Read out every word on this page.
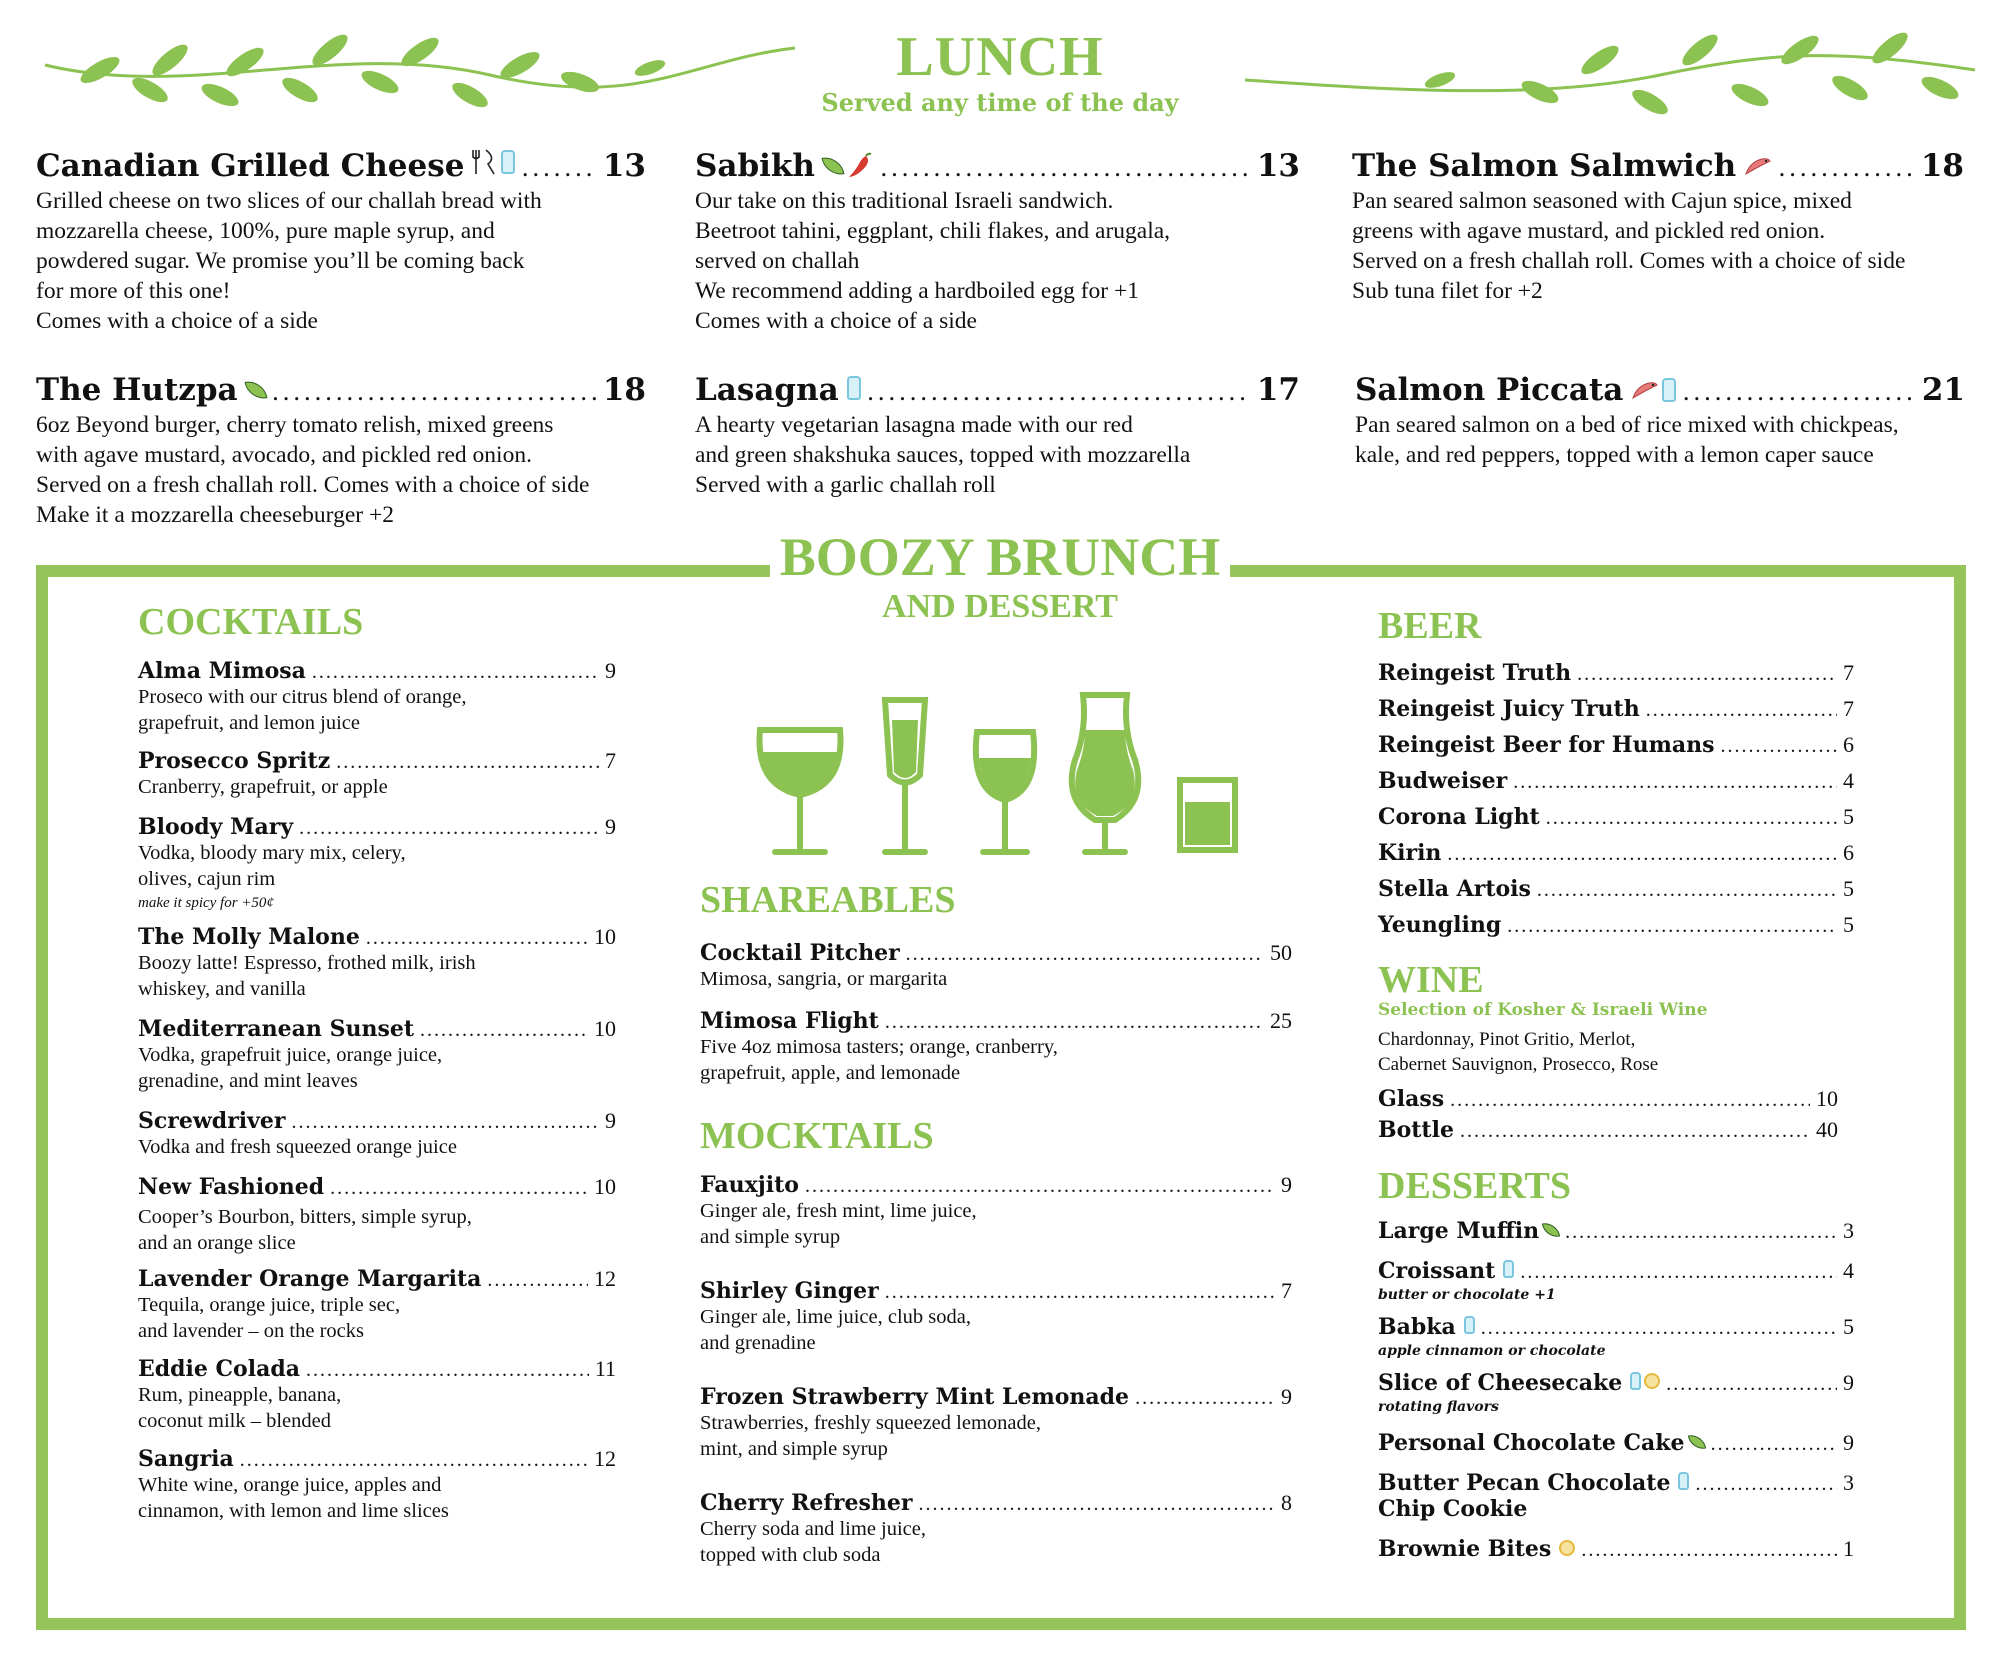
LUNCH
Served any time of the day
Canadian Grilled Cheese .....	13
Grilled cheese on two slices of our challah bread with
mozzarella cheese, 100%, pure maple syrup, and
powdered sugar. We promise you’ll be coming back
for more of this one!
Comes with a choice of a side
Sabikh .....	13
Our take on this traditional Israeli sandwich.
Beetroot tahini, eggplant, chili flakes, and arugala,
served on challah
We recommend adding a hardboiled egg for +1
Comes with a choice of a side
The Salmon Salmwich .....	18
Pan seared salmon seasoned with Cajun spice, mixed
greens with agave mustard, and pickled red onion.
Served on a fresh challah roll. Comes with a choice of side
Sub tuna filet for +2
The Hutzpa .....	18
6oz Beyond burger, cherry tomato relish, mixed greens
with agave mustard, avocado, and pickled red onion.
Served on a fresh challah roll. Comes with a choice of side
Make it a mozzarella cheeseburger +2
Lasagna .....	17
A hearty vegetarian lasagna made with our red
and green shakshuka sauces, topped with mozzarella
Served with a garlic challah roll
Salmon Piccata .....	21
Pan seared salmon on a bed of rice mixed with chickpeas,
kale, and red peppers, topped with a lemon caper sauce
BOOZY BRUNCH
AND DESSERT
COCKTAILS
Alma Mimosa .....	9
Proseco with our citrus blend of orange,
grapefruit, and lemon juice
Prosecco Spritz .....	7
Cranberry, grapefruit, or apple
Bloody Mary .....	9
Vodka, bloody mary mix, celery,
olives, cajun rim
make it spicy for +50¢
The Molly Malone .....	10
Boozy latte! Espresso, frothed milk, irish
whiskey, and vanilla
Mediterranean Sunset .....	10
Vodka, grapefruit juice, orange juice,
grenadine, and mint leaves
Screwdriver .....	9
Vodka and fresh squeezed orange juice
New Fashioned .....	10
Cooper’s Bourbon, bitters, simple syrup,
and an orange slice
Lavender Orange Margarita .....	12
Tequila, orange juice, triple sec,
and lavender – on the rocks
Eddie Colada .....	11
Rum, pineapple, banana,
coconut milk – blended
Sangria .....	12
White wine, orange juice, apples and
cinnamon, with lemon and lime slices
SHAREABLES
Cocktail Pitcher .....	50
Mimosa, sangria, or margarita
Mimosa Flight .....	25
Five 4oz mimosa tasters; orange, cranberry,
grapefruit, apple, and lemonade
MOCKTAILS
Fauxjito .....	9
Ginger ale, fresh mint, lime juice,
and simple syrup
Shirley Ginger .....	7
Ginger ale, lime juice, club soda,
and grenadine
Frozen Strawberry Mint Lemonade .....	9
Strawberries, freshly squeezed lemonade,
mint, and simple syrup
Cherry Refresher .....	8
Cherry soda and lime juice,
topped with club soda
BEER
Reingeist Truth .....	7
Reingeist Juicy Truth .....	7
Reingeist Beer for Humans .....	6
Budweiser .....	4
Corona Light .....	5
Kirin .....	6
Stella Artois .....	5
Yeungling .....	5
WINE
Selection of Kosher & Israeli Wine
Chardonnay, Pinot Gritio, Merlot,
Cabernet Sauvignon, Prosecco, Rose
Glass .....	10
Bottle .....	40
DESSERTS
Large Muffin .....	3
Croissant .....	4
butter or chocolate +1
Babka .....	5
apple cinnamon or chocolate
Slice of Cheesecake .....	9
rotating flavors
Personal Chocolate Cake .....	9
Butter Pecan Chocolate .....	3
Chip Cookie
Brownie Bites .....	1
